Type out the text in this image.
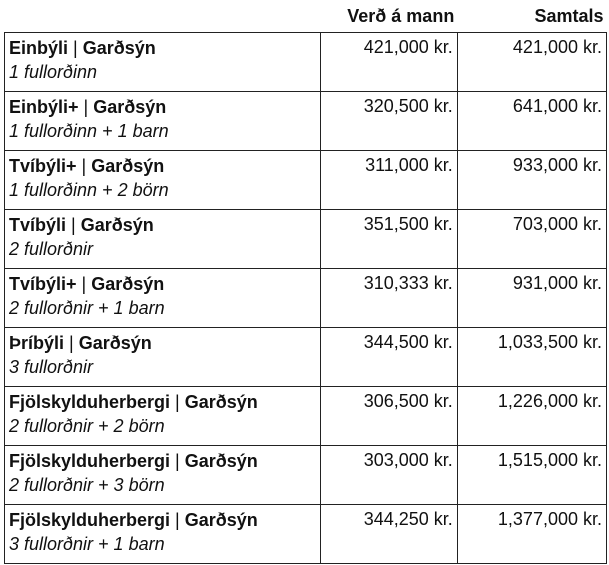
	Verð á mann	Samtals

Einbýli | Garðsýn
1 fullorðinn	421,000 kr.	421,000 kr.

Einbýli+ | Garðsýn
1 fullorðinn + 1 barn	320,500 kr.	641,000 kr.

Tvíbýli+ | Garðsýn
1 fullorðinn + 2 börn	311,000 kr.	933,000 kr.

Tvíbýli | Garðsýn
2 fullorðnir	351,500 kr.	703,000 kr.

Tvíbýli+ | Garðsýn
2 fullorðnir + 1 barn	310,333 kr.	931,000 kr.

Þríbýli | Garðsýn
3 fullorðnir	344,500 kr.	1,033,500 kr.

Fjölskylduherbergi | Garðsýn
2 fullorðnir + 2 börn	306,500 kr.	1,226,000 kr.

Fjölskylduherbergi | Garðsýn
2 fullorðnir + 3 börn	303,000 kr.	1,515,000 kr.

Fjölskylduherbergi | Garðsýn
3 fullorðnir + 1 barn	344,250 kr.	1,377,000 kr.
